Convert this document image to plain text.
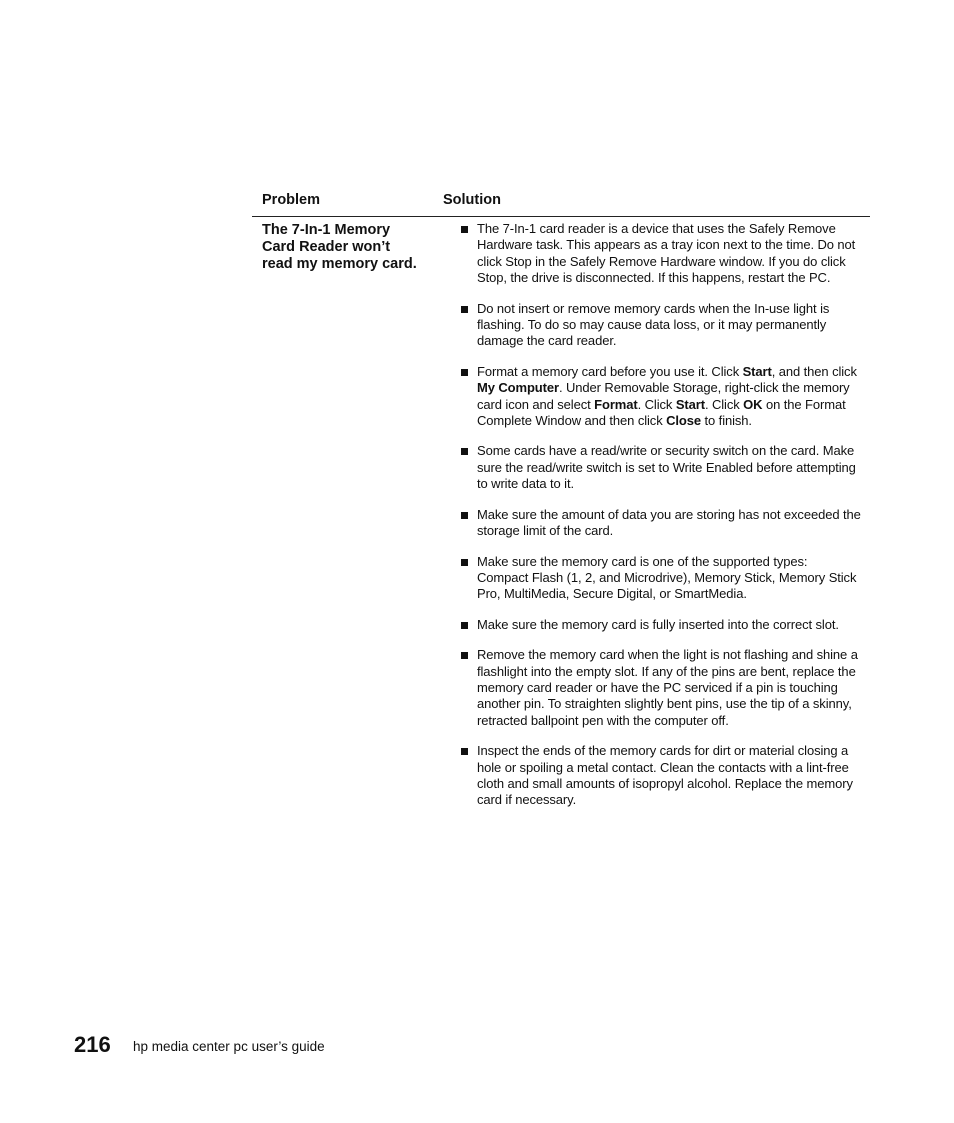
Problem	Solution
The 7-In-1 Memory Card Reader won’t read my memory card.
The 7-In-1 card reader is a device that uses the Safely Remove Hardware task. This appears as a tray icon next to the time. Do not click Stop in the Safely Remove Hardware window. If you do click Stop, the drive is disconnected. If this happens, restart the PC.
Do not insert or remove memory cards when the In-use light is flashing. To do so may cause data loss, or it may permanently damage the card reader.
Format a memory card before you use it. Click Start, and then click My Computer. Under Removable Storage, right-click the memory card icon and select Format. Click Start. Click OK on the Format Complete Window and then click Close to finish.
Some cards have a read/write or security switch on the card. Make sure the read/write switch is set to Write Enabled before attempting to write data to it.
Make sure the amount of data you are storing has not exceeded the storage limit of the card.
Make sure the memory card is one of the supported types: Compact Flash (1, 2, and Microdrive), Memory Stick, Memory Stick Pro, MultiMedia, Secure Digital, or SmartMedia.
Make sure the memory card is fully inserted into the correct slot.
Remove the memory card when the light is not flashing and shine a flashlight into the empty slot. If any of the pins are bent, replace the memory card reader or have the PC serviced if a pin is touching another pin. To straighten slightly bent pins, use the tip of a skinny, retracted ballpoint pen with the computer off.
Inspect the ends of the memory cards for dirt or material closing a hole or spoiling a metal contact. Clean the contacts with a lint-free cloth and small amounts of isopropyl alcohol. Replace the memory card if necessary.
216 hp media center pc user’s guide
